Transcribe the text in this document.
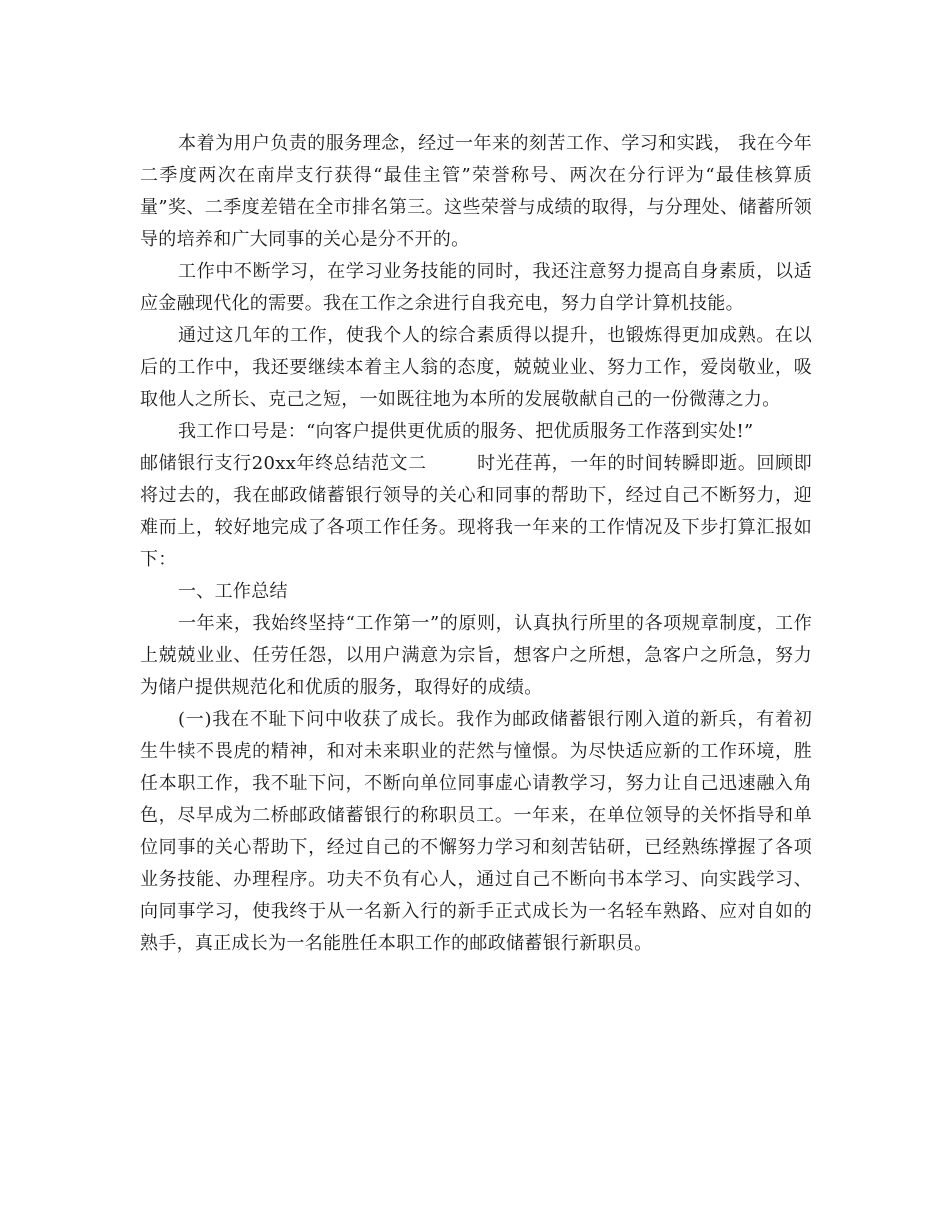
本着为用户负责的服务理念，经过一年来的刻苦工作、学习和实践， 我在今年二季度两次在南岸支行获得“最佳主管”荣誉称号、两次在分行评为“最佳核算质量”奖、二季度差错在全市排名第三。这些荣誉与成绩的取得，与分理处、储蓄所领导的培养和广大同事的关心是分不开的。

工作中不断学习，在学习业务技能的同时，我还注意努力提高自身素质，以适应金融现代化的需要。我在工作之余进行自我充电，努力自学计算机技能。

通过这几年的工作，使我个人的综合素质得以提升，也锻炼得更加成熟。在以后的工作中，我还要继续本着主人翁的态度，兢兢业业、努力工作，爱岗敬业，吸取他人之所长、克己之短，一如既往地为本所的发展敬献自己的一份微薄之力。

我工作口号是：“向客户提供更优质的服务、把优质服务工作落到实处!”

邮储银行支行20xx年终总结范文二	时光荏苒，一年的时间转瞬即逝。回顾即将过去的，我在邮政储蓄银行领导的关心和同事的帮助下，经过自己不断努力，迎难而上，较好地完成了各项工作任务。现将我一年来的工作情况及下步打算汇报如下：

一、工作总结

一年来，我始终坚持“工作第一”的原则，认真执行所里的各项规章制度，工作上兢兢业业、任劳任怨，以用户满意为宗旨，想客户之所想，急客户之所急，努力为储户提供规范化和优质的服务，取得好的成绩。

(一)我在不耻下问中收获了成长。我作为邮政储蓄银行刚入道的新兵，有着初生牛犊不畏虎的精神，和对未来职业的茫然与憧憬。为尽快适应新的工作环境，胜任本职工作，我不耻下问，不断向单位同事虚心请教学习，努力让自己迅速融入角色，尽早成为二桥邮政储蓄银行的称职员工。一年来，在单位领导的关怀指导和单位同事的关心帮助下，经过自己的不懈努力学习和刻苦钻研，已经熟练撑握了各项业务技能、办理程序。功夫不负有心人，通过自己不断向书本学习、向实践学习、向同事学习，使我终于从一名新入行的新手正式成长为一名轻车熟路、应对自如的熟手，真正成长为一名能胜任本职工作的邮政储蓄银行新职员。
